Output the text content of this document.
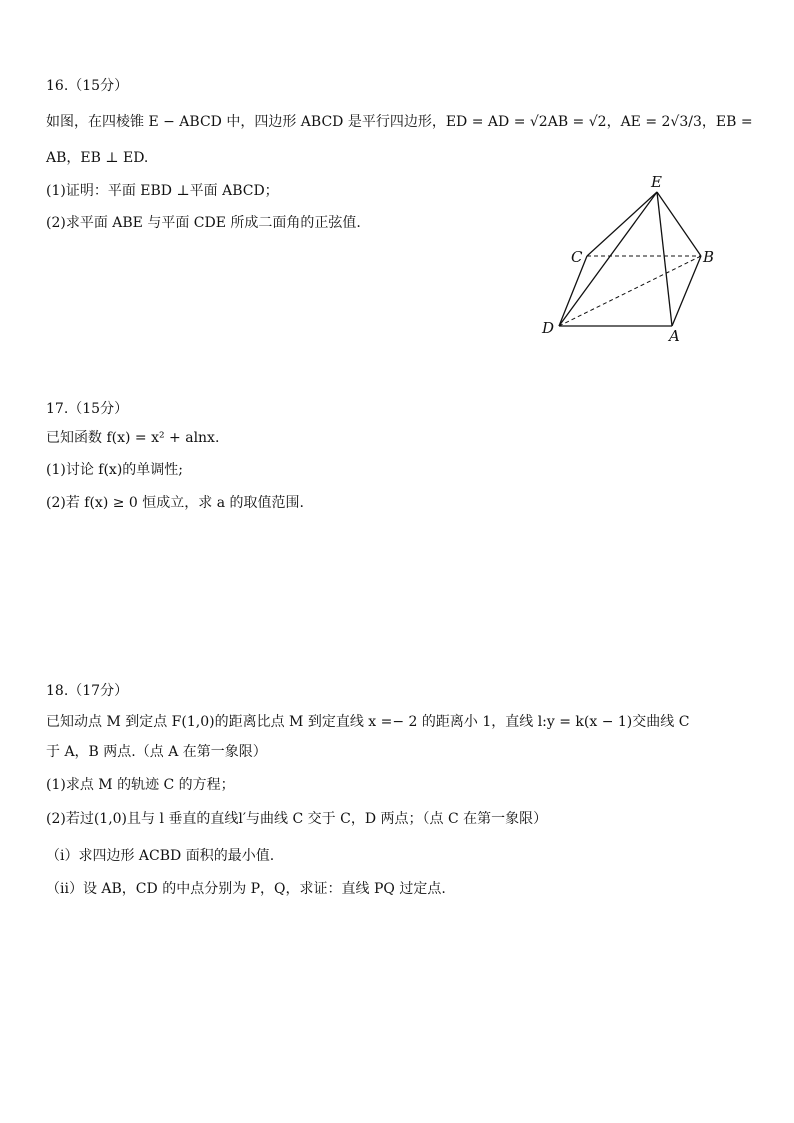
16.（15分）
如图，在四棱锥 E − ABCD 中，四边形 ABCD 是平行四边形，ED = AD = √2AB = √2，AE = 2√3/3，EB =
AB，EB ⊥ ED.
(1)证明：平面 EBD ⊥平面 ABCD；
(2)求平面 ABE 与平面 CDE 所成二面角的正弦值.
E
C	B
D	A
17.（15分）
已知函数 f(x) = x² + alnx.
(1)讨论 f(x)的单调性;
(2)若 f(x) ≥ 0 恒成立，求 a 的取值范围.
18.（17分）
已知动点 M 到定点 F(1,0)的距离比点 M 到定直线 x =− 2 的距离小 1，直线 l:y = k(x − 1)交曲线 C
于 A，B 两点.（点 A 在第一象限）
(1)求点 M 的轨迹 C 的方程；
(2)若过(1,0)且与 l 垂直的直线l′与曲线 C 交于 C，D 两点；（点 C 在第一象限）
（i）求四边形 ACBD 面积的最小值.
（ii）设 AB，CD 的中点分别为 P，Q，求证：直线 PQ 过定点.
